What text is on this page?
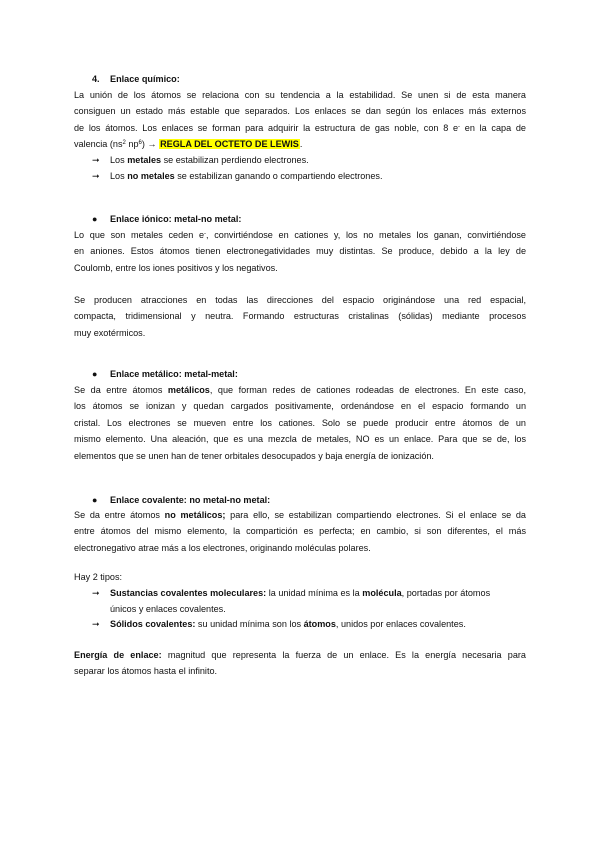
4. Enlace químico:
La unión de los átomos se relaciona con su tendencia a la estabilidad. Se unen si de esta manera
consiguen un estado más estable que separados. Los enlaces se dan según los enlaces más externos
de los átomos. Los enlaces se forman para adquirir la estructura de gas noble, con 8 e- en la capa de
valencia ($ns^2$ $np^6$) → REGLA DEL OCTETO DE LEWIS.
➞ Los metales se estabilizan perdiendo electrones.
➞ Los no metales se estabilizan ganando o compartiendo electrones.
● Enlace iónico: metal-no metal:
Lo que son metales ceden e-, convirtiéndose en cationes y, los no metales los ganan, convirtiéndose
en aniones. Estos átomos tienen electronegatividades muy distintas. Se produce, debido a la ley de
Coulomb, entre los iones positivos y los negativos.
Se producen atracciones en todas las direcciones del espacio originándose una red espacial,
compacta, tridimensional y neutra. Formando estructuras cristalinas (sólidas) mediante procesos
muy exotérmicos.
● Enlace metálico: metal-metal:
Se da entre átomos metálicos, que forman redes de cationes rodeadas de electrones. En este caso,
los átomos se ionizan y quedan cargados positivamente, ordenándose en el espacio formando un
cristal. Los electrones se mueven entre los cationes. Solo se puede producir entre átomos de un
mismo elemento. Una aleación, que es una mezcla de metales, NO es un enlace. Para que se de, los
elementos que se unen han de tener orbitales desocupados y baja energía de ionización.
● Enlace covalente: no metal-no metal:
Se da entre átomos no metálicos; para ello, se estabilizan compartiendo electrones. Si el enlace se da
entre átomos del mismo elemento, la compartición es perfecta; en cambio, si son diferentes, el más
electronegativo atrae más a los electrones, originando moléculas polares.
Hay 2 tipos:
➞ Sustancias covalentes moleculares: la unidad mínima es la molécula, portadas por átomos
únicos y enlaces covalentes.
➞ Sólidos covalentes: su unidad mínima son los átomos, unidos por enlaces covalentes.
Energía de enlace: magnitud que representa la fuerza de un enlace. Es la energía necesaria para
separar los átomos hasta el infinito.
